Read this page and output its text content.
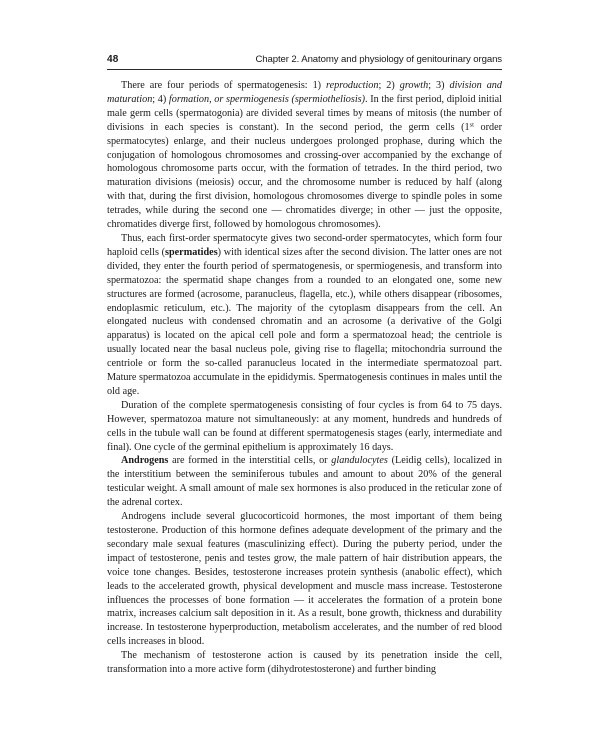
48	Chapter 2. Anatomy and physiology of genitourinary organs

There are four periods of spermatogenesis: 1) reproduction; 2) growth; 3) division and maturation; 4) formation, or spermiogenesis (spermiotheliosis). In the first period, diploid initial male germ cells (spermatogonia) are divided several times by means of mitosis (the number of divisions in each species is constant). In the second period, the germ cells (1st order spermatocytes) enlarge, and their nucleus undergoes prolonged prophase, during which the conjugation of homologous chromosomes and crossing-over accompanied by the exchange of homologous chromosome parts occur, with the formation of tetrades. In the third period, two maturation divisions (meiosis) occur, and the chromosome number is reduced by half (along with that, during the first division, homologous chromosomes diverge to spindle poles in some tetrades, while during the second one — chromatides diverge; in other — just the opposite, chromatides diverge first, followed by homologous chromosomes).

Thus, each first-order spermatocyte gives two second-order spermatocytes, which form four haploid cells (spermatides) with identical sizes after the second division. The latter ones are not divided, they enter the fourth period of spermatogenesis, or spermiogenesis, and transform into spermatozoa: the spermatid shape changes from a rounded to an elongated one, some new structures are formed (acrosome, paranucleus, flagella, etc.), while others disappear (ribosomes, endoplasmic reticulum, etc.). The majority of the cytoplasm disappears from the cell. An elongated nucleus with condensed chromatin and an acrosome (a derivative of the Golgi apparatus) is located on the apical cell pole and form a spermatozoal head; the centriole is usually located near the basal nucleus pole, giving rise to flagella; mitochondria surround the centriole or form the so-called paranucleus located in the intermediate spermatozoal part. Mature spermatozoa accumulate in the epididymis. Spermatogenesis continues in males until the old age.

Duration of the complete spermatogenesis consisting of four cycles is from 64 to 75 days. However, spermatozoa mature not simultaneously: at any moment, hundreds and hundreds of cells in the tubule wall can be found at different spermatogenesis stages (early, intermediate and final). One cycle of the germinal epithelium is approximately 16 days.

Androgens are formed in the interstitial cells, or glandulocytes (Leidig cells), localized in the interstitium between the seminiferous tubules and amount to about 20% of the general testicular weight. A small amount of male sex hormones is also produced in the reticular zone of the adrenal cortex.

Androgens include several glucocorticoid hormones, the most important of them being testosterone. Production of this hormone defines adequate development of the primary and the secondary male sexual features (masculinizing effect). During the puberty period, under the impact of testosterone, penis and testes grow, the male pattern of hair distribution appears, the voice tone changes. Besides, testosterone increases protein synthesis (anabolic effect), which leads to the accelerated growth, physical development and muscle mass increase. Testosterone influences the processes of bone formation — it accelerates the formation of a protein bone matrix, increases calcium salt deposition in it. As a result, bone growth, thickness and durability increase. In testosterone hyperproduction, metabolism accelerates, and the number of red blood cells increases in blood.

The mechanism of testosterone action is caused by its penetration inside the cell, transformation into a more active form (dihydrotestosterone) and further binding
